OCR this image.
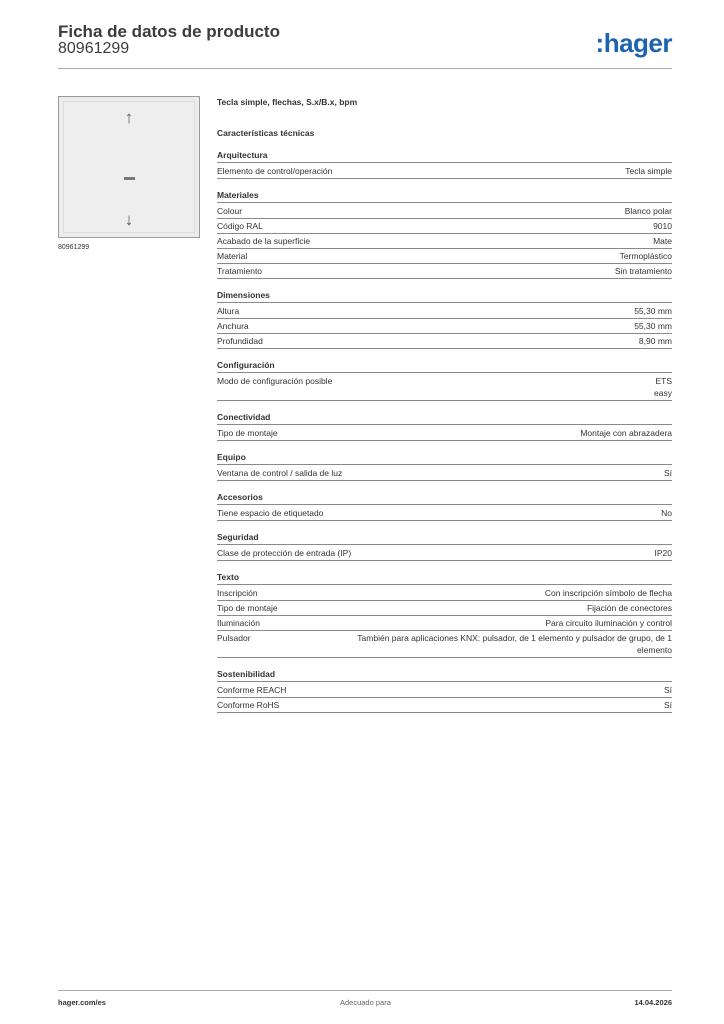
Ficha de datos de producto
80961299	:hager
↑
↓
80961299
Tecla simple, flechas, S.x/B.x, bpm
Características técnicas
Arquitectura
Elemento de control/operación	Tecla simple
Materiales
Colour	Blanco polar
Código RAL	9010
Acabado de la superficie	Mate
Material	Termoplástico
Tratamiento	Sin tratamiento
Dimensiones
Altura	55,30 mm
Anchura	55,30 mm
Profundidad	8,90 mm
Configuración
Modo de configuración posible	ETS
easy
Conectividad
Tipo de montaje	Montaje con abrazadera
Equipo
Ventana de control / salida de luz	Sí
Accesorios
Tiene espacio de etiquetado	No
Seguridad
Clase de protección de entrada (IP)	IP20
Texto
Inscripción	Con inscripción símbolo de flecha
Tipo de montaje	Fijación de conectores
Iluminación	Para circuito iluminación y control
Pulsador	También para aplicaciones KNX: pulsador, de 1 elemento y pulsador de grupo, de 1 elemento
Sostenibilidad
Conforme REACH	Sí
Conforme RoHS	Sí
hager.com/es	Adecuado para	14.04.2026
